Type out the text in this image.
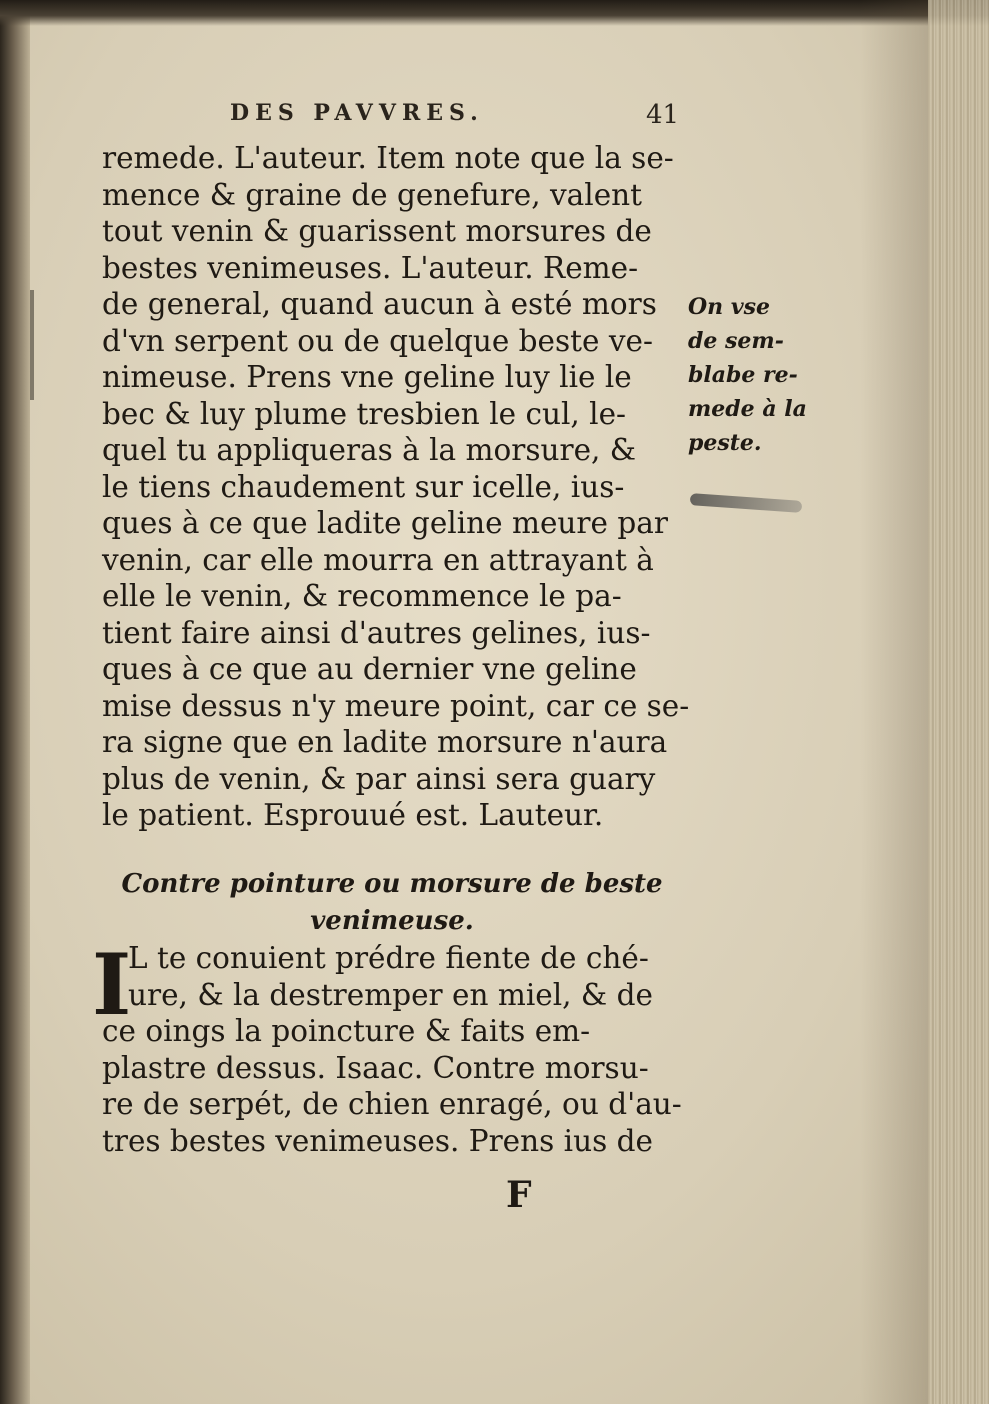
DES PAVVRES.	41
remede. L'auteur. Item note que la se-
mence & graine de genefure, valent
tout venin & guarissent morsures de
bestes venimeuses. L'auteur. Reme-
de general, quand aucun à esté mors
d'vn serpent ou de quelque beste ve-
nimeuse. Prens vne geline luy lie le
bec & luy plume tresbien le cul, le-
quel tu appliqueras à la morsure, &
le tiens chaudement sur icelle, ius-
ques à ce que ladite geline meure par
venin, car elle mourra en attrayant à
elle le venin, & recommence le pa-
tient faire ainsi d'autres gelines, ius-
ques à ce que au dernier vne geline
mise dessus n'y meure point, car ce se-
ra signe que en ladite morsure n'aura
plus de venin, & par ainsi sera guary
le patient. Esprouué est. Lauteur.
On vse
de sem-
blabe re-
mede à la
peste.
Contre pointure ou morsure de beste
venimeuse.
I
L te conuient prédre fiente de ché-
ure, & la destremper en miel, & de
ce oings la poincture & faits em-
plastre dessus. Isaac. Contre morsu-
re de serpét, de chien enragé, ou d'au-
tres bestes venimeuses. Prens ius de
F
